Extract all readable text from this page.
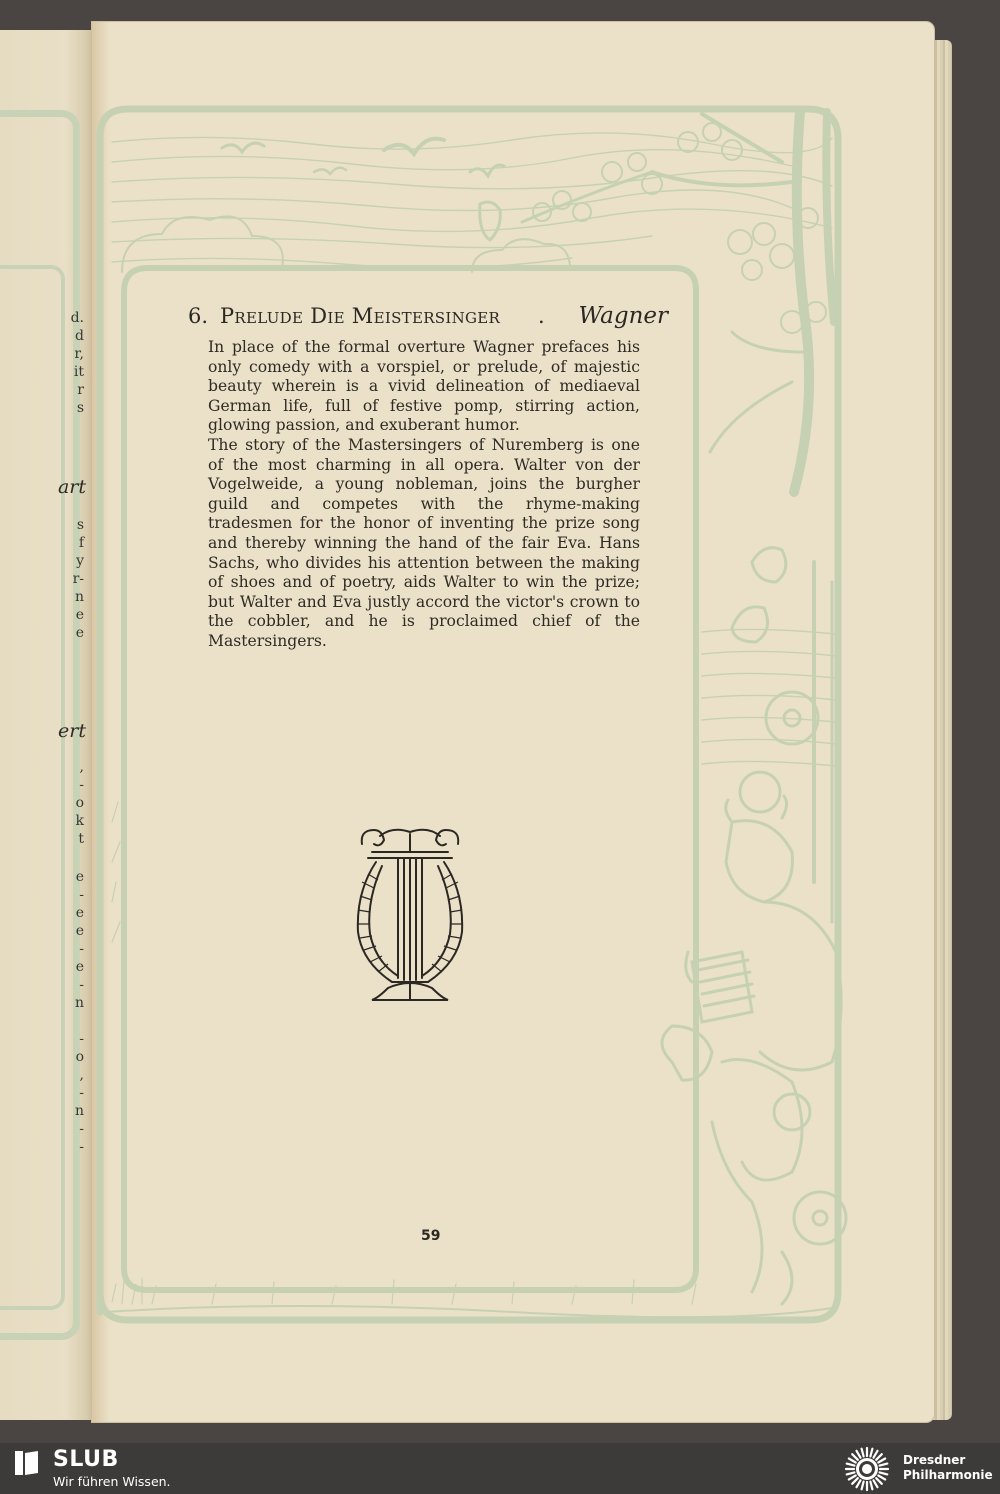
d.
d
r,
it
r
s
s
f
y
r-
n
e
e
,
-
o
k
t
e
-
e
e
-
e
-
n
-
o
,
-
n
-
-
art
ert
6. Prelude Die Meistersinger . Wagner

In place of the formal overture Wagner prefaces his only comedy with a vorspiel, or prelude, of majestic beauty wherein is a vivid delineation of mediaeval German life, full of festive pomp, stirring action, glowing passion, and exuberant humor.

The story of the Mastersingers of Nuremberg is one of the most charming in all opera. Walter von der Vogelweide, a young nobleman, joins the burgher guild and competes with the rhyme-making tradesmen for the honor of inventing the prize song and thereby winning the hand of the fair Eva. Hans Sachs, who divides his attention between the making of shoes and of poetry, aids Walter to win the prize; but Walter and Eva justly accord the victor's crown to the cobbler, and he is proclaimed chief of the Mastersingers.

59
SLUB
Wir führen Wissen.
Dresdner
Philharmonie
